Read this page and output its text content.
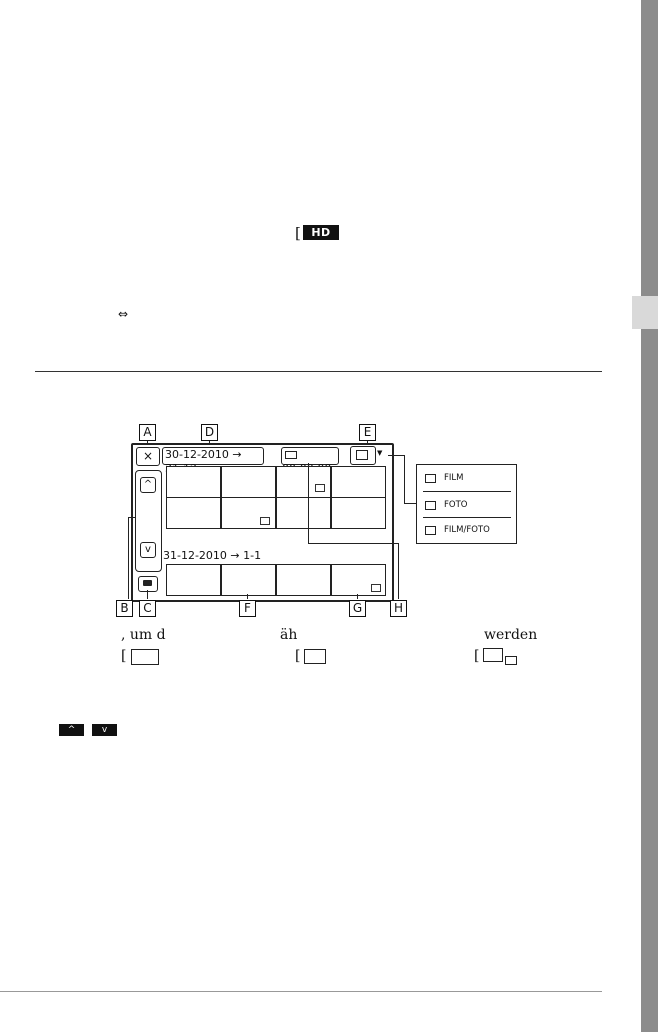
[ HD
⇔
A	D	E
×	30-12-2010 →	▼
^
v	31-12-2010 → 1-1
B	C	F	G	H
FILM
FOTO
FILM/FOTO
, um d	äh	werden
[	[	[
^	v
